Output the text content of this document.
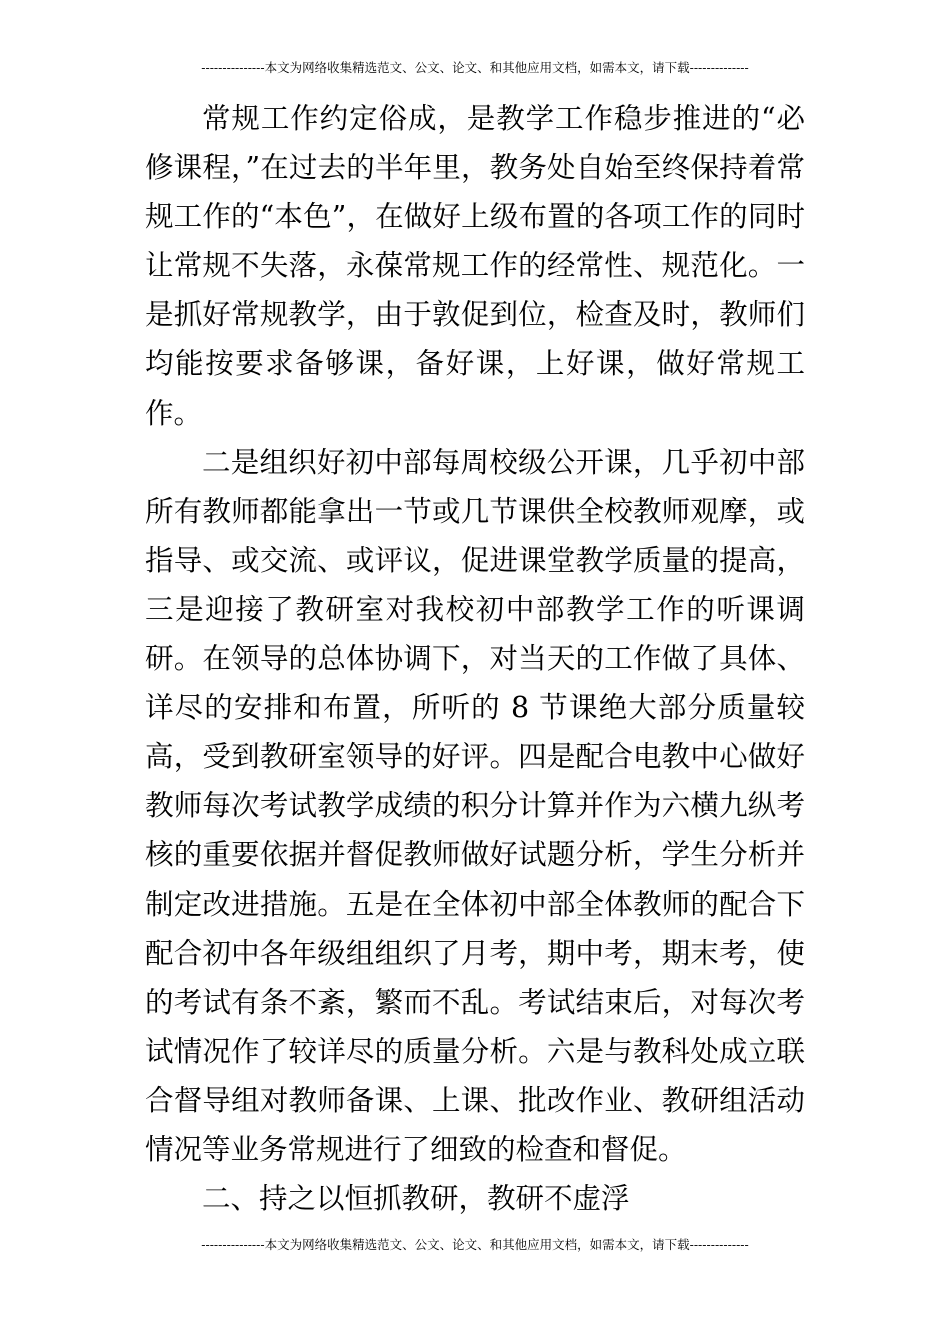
---------------本文为网络收集精选范文、公文、论文、和其他应用文档，如需本文，请下载--------------

常规工作约定俗成，是教学工作稳步推进的“必修课程，”在过去的半年里，教务处自始至终保持着常规工作的“本色”，在做好上级布置的各项工作的同时让常规不失落，永葆常规工作的经常性、规范化。一是抓好常规教学，由于敦促到位，检查及时，教师们均能按要求备够课，备好课，上好课，做好常规工作。

二是组织好初中部每周校级公开课，几乎初中部所有教师都能拿出一节或几节课供全校教师观摩，或指导、或交流、或评议，促进课堂教学质量的提高，三是迎接了教研室对我校初中部教学工作的听课调研。在领导的总体协调下，对当天的工作做了具体、详尽的安排和布置，所听的 8 节课绝大部分质量较高，受到教研室领导的好评。四是配合电教中心做好教师每次考试教学成绩的积分计算并作为六横九纵考核的重要依据并督促教师做好试题分析，学生分析并制定改进措施。五是在全体初中部全体教师的配合下配合初中各年级组组织了月考，期中考，期末考，使的考试有条不紊，繁而不乱。考试结束后，对每次考试情况作了较详尽的质量分析。六是与教科处成立联合督导组对教师备课、上课、批改作业、教研组活动情况等业务常规进行了细致的检查和督促。

二、持之以恒抓教研，教研不虚浮

---------------本文为网络收集精选范文、公文、论文、和其他应用文档，如需本文，请下载--------------
